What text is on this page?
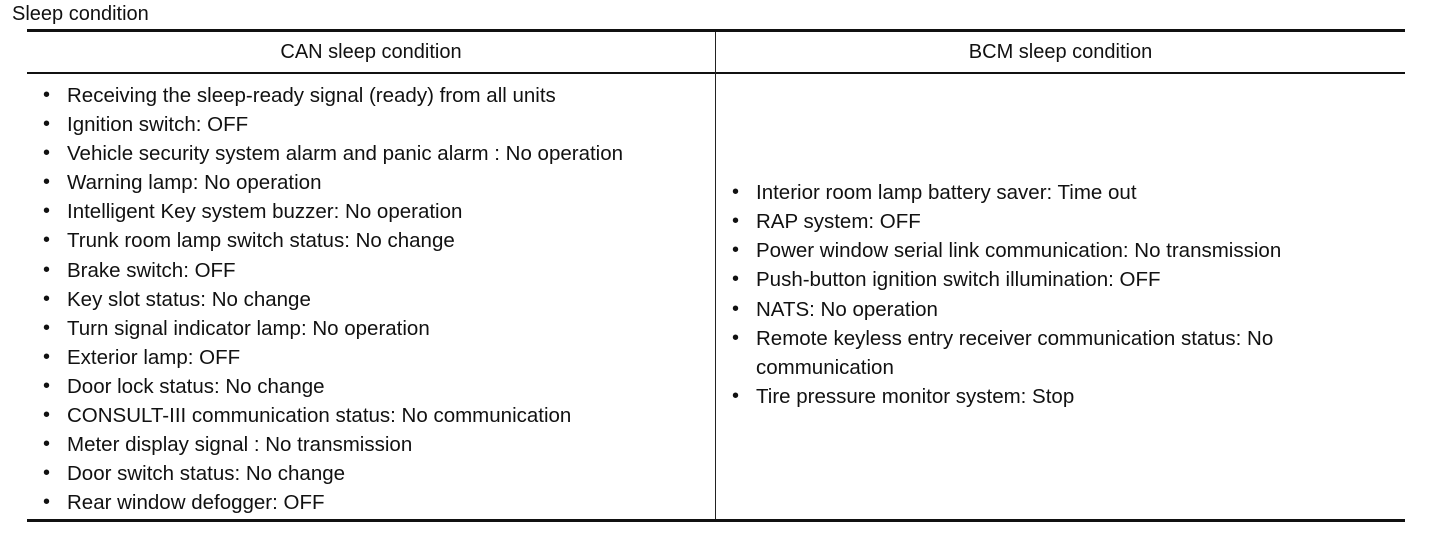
Sleep condition
CAN sleep condition	BCM sleep condition
• Receiving the sleep-ready signal (ready) from all units
• Ignition switch: OFF
• Vehicle security system alarm and panic alarm : No operation
• Warning lamp: No operation
• Intelligent Key system buzzer: No operation
• Trunk room lamp switch status: No change
• Brake switch: OFF
• Key slot status: No change
• Turn signal indicator lamp: No operation
• Exterior lamp: OFF
• Door lock status: No change
• CONSULT-III communication status: No communication
• Meter display signal : No transmission
• Door switch status: No change
• Rear window defogger: OFF
• Interior room lamp battery saver: Time out
• RAP system: OFF
• Power window serial link communication: No transmission
• Push-button ignition switch illumination: OFF
• NATS: No operation
• Remote keyless entry receiver communication status: No communication
• Tire pressure monitor system: Stop
